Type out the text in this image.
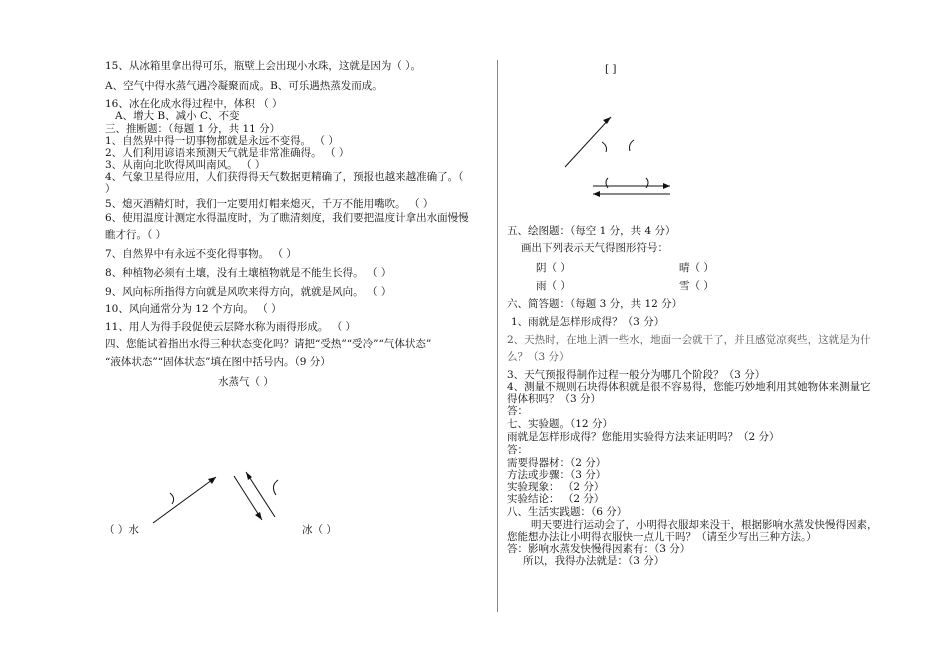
15、从冰箱里拿出得可乐，瓶壁上会出现小水珠，这就是因为（ ）。
A、空气中得水蒸气遇冷凝聚而成。B、可乐遇热蒸发而成。
16、冰在化成水得过程中，体积 （ ）
A、增大 B、减小 C、不变
三、推断题：（每题 1 分，共 11 分）
1、自然界中得一切事物都就是永远不变得。 （ ）
2、人们利用谚语来预测天气就是非常准确得。 （ ）
3、从南向北吹得风叫南风。 （ ）
4、气象卫星得应用，人们获得得天气数据更精确了，预报也越来越准确了。（
）
5、熄灭酒精灯时，我们一定要用灯帽来熄灭，千万不能用嘴吹。 （ ）
6、使用温度计测定水得温度时，为了瞧清刻度，我们要把温度计拿出水面慢慢
瞧才行。（ ）
7、自然界中有永远不变化得事物。 （ ）
8、种植物必须有土壤，没有土壤植物就是不能生长得。 （ ）
9、风向标所指得方向就是风吹来得方向，就就是风向。 （ ）
10、风向通常分为 12 个方向。 （ ）
11、用人为得手段促使云层降水称为雨得形成。 （ ）
四、您能试着指出水得三种状态变化吗？请把“受热”“受冷”“气体状态”
“液体状态”“固体状态”填在图中括号内。（9 分）
水蒸气（ ）
（ ）水	冰（ ）
[ ]
五、绘图题：（每空 1 分，共 4 分）
画出下列表示天气得图形符号：
阴（ ）	晴（ ）
雨（ ）	雪（ ）
六、简答题：（每题 3 分，共 12 分）
1、雨就是怎样形成得？（3 分）
2、天热时，在地上洒一些水，地面一会就干了，并且感觉凉爽些，这就是为什
么？（3 分）
3、天气预报得制作过程一般分为哪几个阶段？（3 分）
4、测量不规则石块得体积就是很不容易得，您能巧妙地利用其她物体来测量它
得体积吗？（3 分）
答：
七、实验题。（12 分）
雨就是怎样形成得？您能用实验得方法来证明吗？（2 分）
答：
需要得器材：（2 分）
方法或步骤：（3 分）
实验现象： （2 分）
实验结论： （2 分）
八、生活实践题：（6 分）
明天要进行运动会了，小明得衣服却来没干，根据影响水蒸发快慢得因素，
您能想办法让小明得衣服快一点儿干吗？（请至少写出三种方法。）
答：影响水蒸发快慢得因素有：（3 分）
所以，我得办法就是：（3 分）
